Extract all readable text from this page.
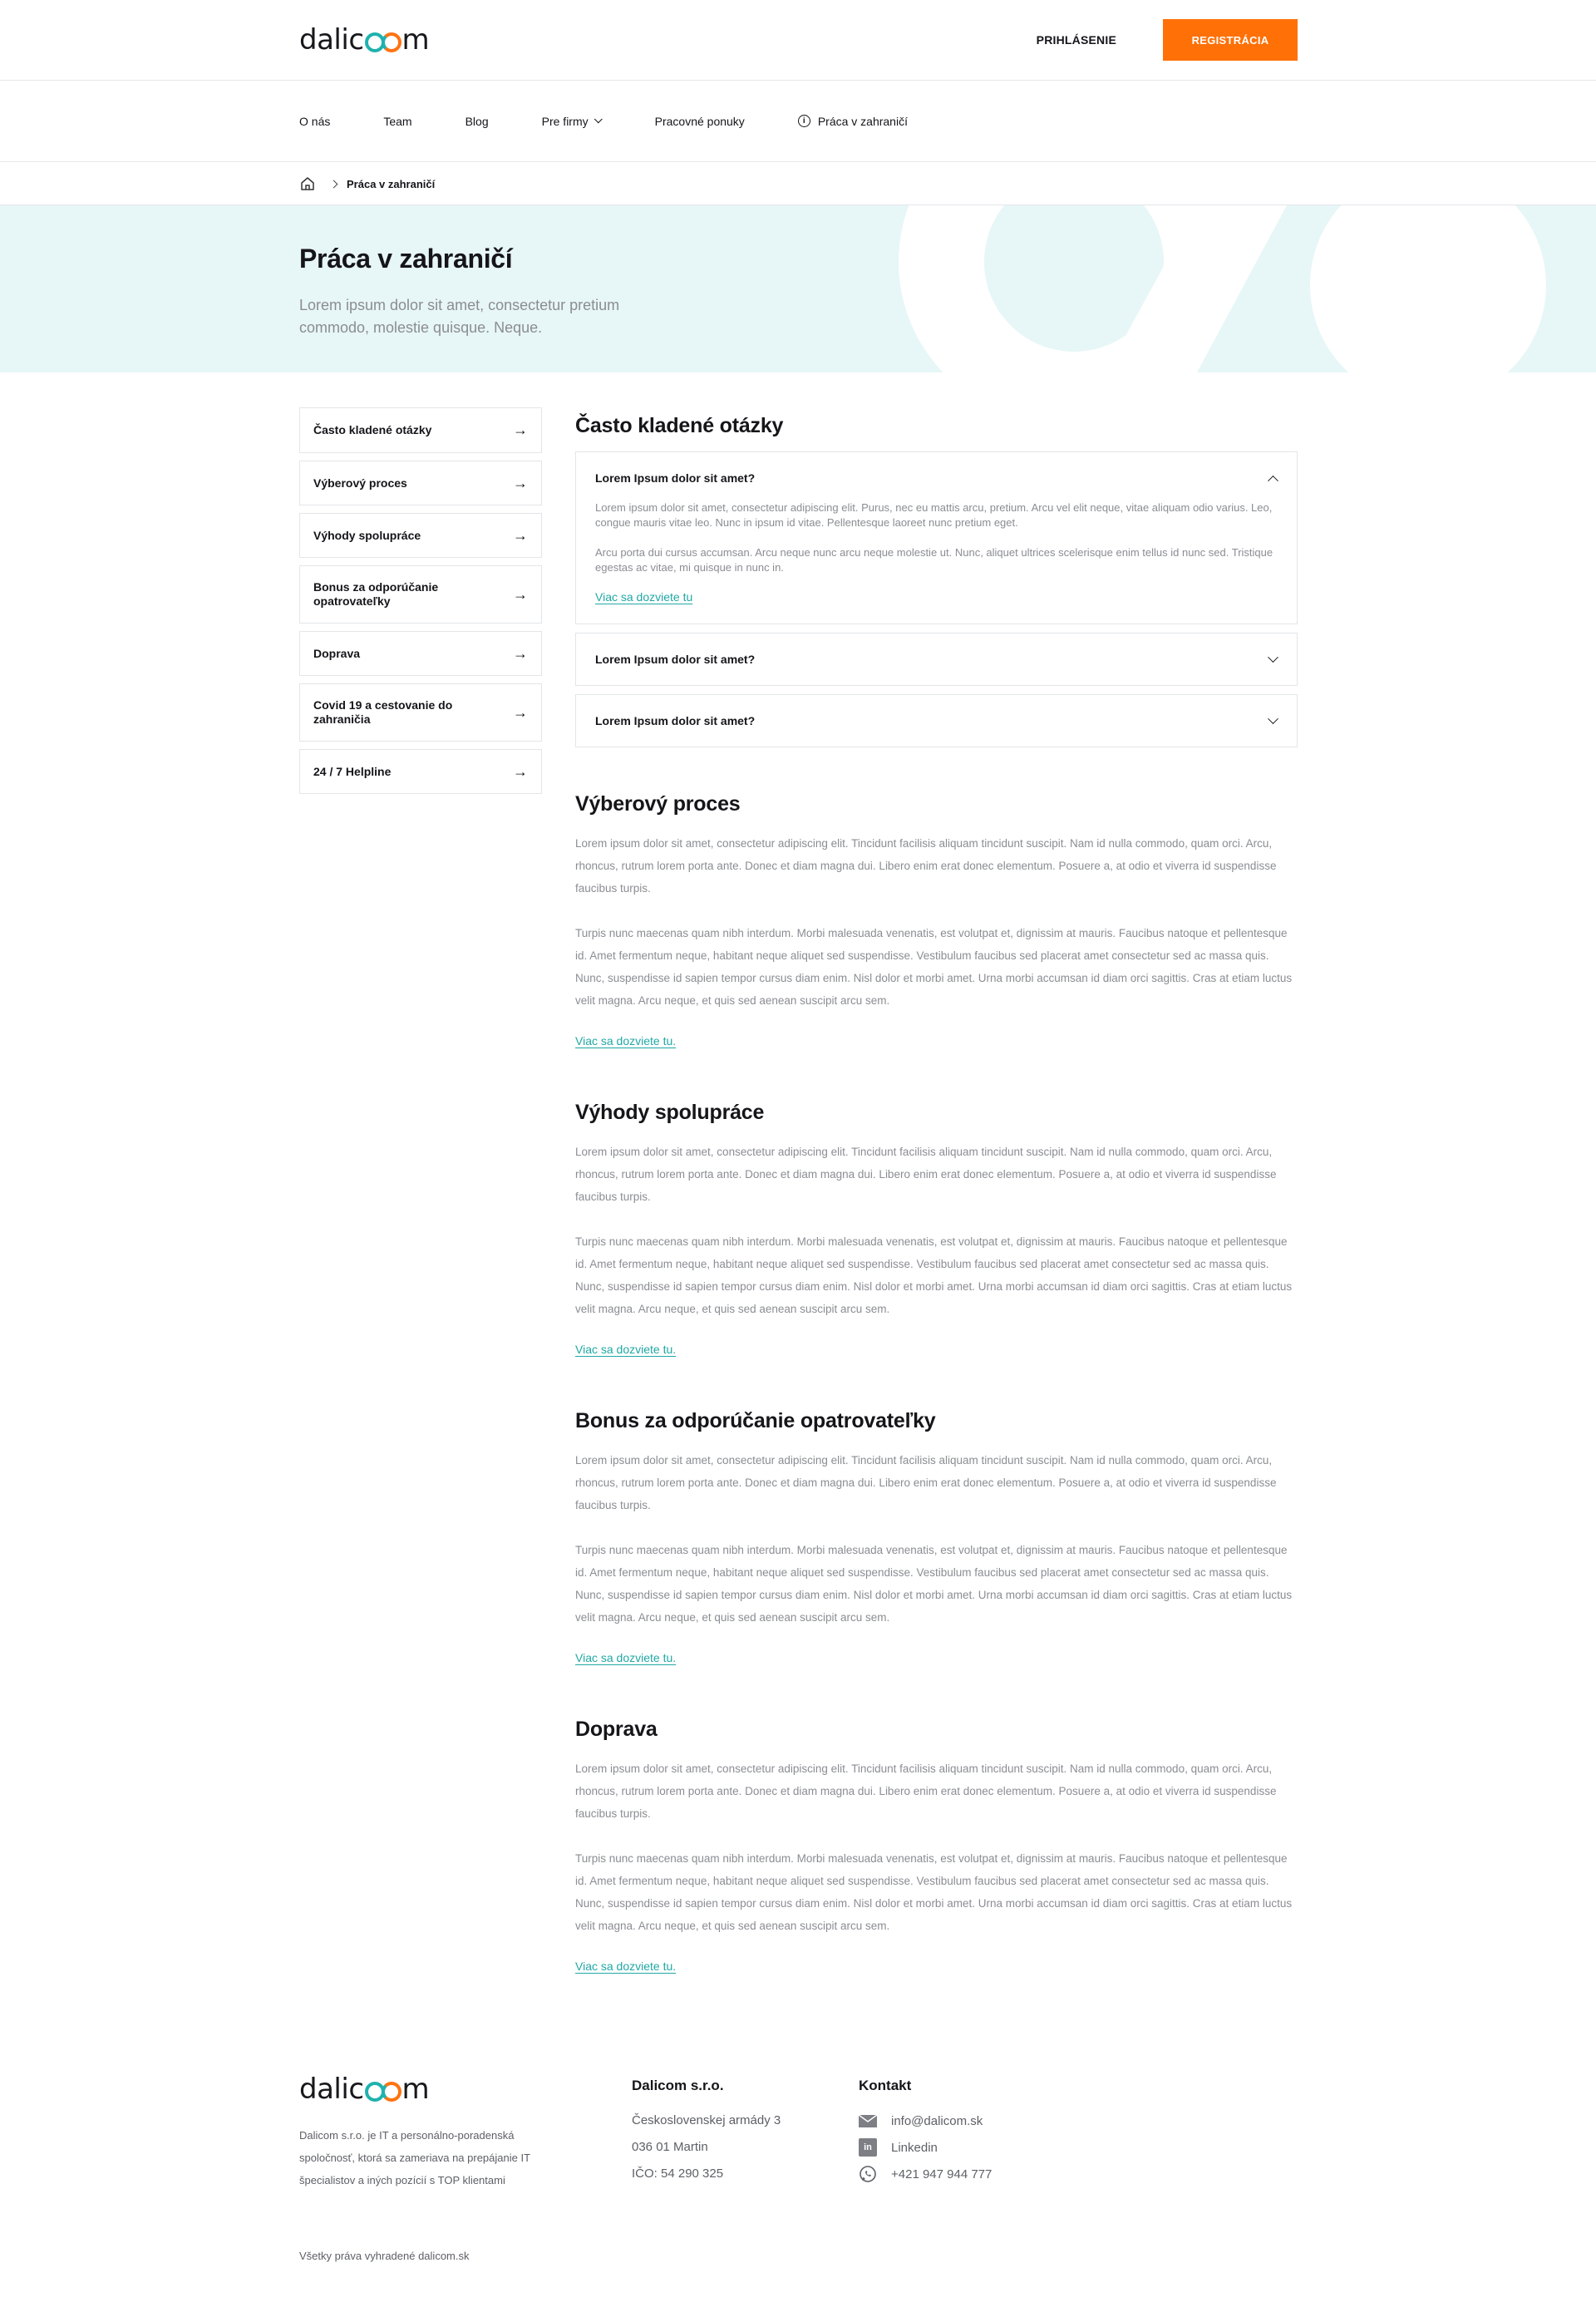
dal i c m	PRIHLÁSENIE	REGISTRÁCIA
O nás	Team	Blog	Pre firmy	Pracovné ponuky	i	Práca v zahraničí
Práca v zahraničí
Práca v zahraničí

Lorem ipsum dolor sit amet, consectetur pretium commodo, molestie quisque. Neque.

Často kladené otázky	→
Výberový proces	→
Výhody spolupráce	→
Bonus za odporúčanie opatrovateľky	→
Doprava	→
Covid 19 a cestovanie do zahraničia	→
24 / 7 Helpline	→
Často kladené otázky
Lorem Ipsum dolor sit amet?

Lorem ipsum dolor sit amet, consectetur adipiscing elit. Purus, nec eu mattis arcu, pretium. Arcu vel elit neque, vitae aliquam odio varius. Leo, congue mauris vitae leo. Nunc in ipsum id vitae. Pellentesque laoreet nunc pretium eget.

Arcu porta dui cursus accumsan. Arcu neque nunc arcu neque molestie ut. Nunc, aliquet ultrices scelerisque enim tellus id nunc sed. Tristique egestas ac vitae, mi quisque in nunc in.

Viac sa dozviete tu
Lorem Ipsum dolor sit amet?
Lorem Ipsum dolor sit amet?
Výberový proces

Lorem ipsum dolor sit amet, consectetur adipiscing elit. Tincidunt facilisis aliquam tincidunt suscipit. Nam id nulla commodo, quam orci. Arcu, rhoncus, rutrum lorem porta ante. Donec et diam magna dui. Libero enim erat donec elementum. Posuere a, at odio et viverra id suspendisse faucibus turpis.

Turpis nunc maecenas quam nibh interdum. Morbi malesuada venenatis, est volutpat et, dignissim at mauris. Faucibus natoque et pellentesque id. Amet fermentum neque, habitant neque aliquet sed suspendisse. Vestibulum faucibus sed placerat amet consectetur sed ac massa quis. Nunc, suspendisse id sapien tempor cursus diam enim. Nisl dolor et morbi amet. Urna morbi accumsan id diam orci sagittis. Cras at etiam luctus velit magna. Arcu neque, et quis sed aenean suscipit arcu sem.

Viac sa dozviete tu.
Výhody spolupráce

Lorem ipsum dolor sit amet, consectetur adipiscing elit. Tincidunt facilisis aliquam tincidunt suscipit. Nam id nulla commodo, quam orci. Arcu, rhoncus, rutrum lorem porta ante. Donec et diam magna dui. Libero enim erat donec elementum. Posuere a, at odio et viverra id suspendisse faucibus turpis.

Turpis nunc maecenas quam nibh interdum. Morbi malesuada venenatis, est volutpat et, dignissim at mauris. Faucibus natoque et pellentesque id. Amet fermentum neque, habitant neque aliquet sed suspendisse. Vestibulum faucibus sed placerat amet consectetur sed ac massa quis. Nunc, suspendisse id sapien tempor cursus diam enim. Nisl dolor et morbi amet. Urna morbi accumsan id diam orci sagittis. Cras at etiam luctus velit magna. Arcu neque, et quis sed aenean suscipit arcu sem.

Viac sa dozviete tu.
Bonus za odporúčanie opatrovateľky

Lorem ipsum dolor sit amet, consectetur adipiscing elit. Tincidunt facilisis aliquam tincidunt suscipit. Nam id nulla commodo, quam orci. Arcu, rhoncus, rutrum lorem porta ante. Donec et diam magna dui. Libero enim erat donec elementum. Posuere a, at odio et viverra id suspendisse faucibus turpis.

Turpis nunc maecenas quam nibh interdum. Morbi malesuada venenatis, est volutpat et, dignissim at mauris. Faucibus natoque et pellentesque id. Amet fermentum neque, habitant neque aliquet sed suspendisse. Vestibulum faucibus sed placerat amet consectetur sed ac massa quis. Nunc, suspendisse id sapien tempor cursus diam enim. Nisl dolor et morbi amet. Urna morbi accumsan id diam orci sagittis. Cras at etiam luctus velit magna. Arcu neque, et quis sed aenean suscipit arcu sem.

Viac sa dozviete tu.
Doprava

Lorem ipsum dolor sit amet, consectetur adipiscing elit. Tincidunt facilisis aliquam tincidunt suscipit. Nam id nulla commodo, quam orci. Arcu, rhoncus, rutrum lorem porta ante. Donec et diam magna dui. Libero enim erat donec elementum. Posuere a, at odio et viverra id suspendisse faucibus turpis.

Turpis nunc maecenas quam nibh interdum. Morbi malesuada venenatis, est volutpat et, dignissim at mauris. Faucibus natoque et pellentesque id. Amet fermentum neque, habitant neque aliquet sed suspendisse. Vestibulum faucibus sed placerat amet consectetur sed ac massa quis. Nunc, suspendisse id sapien tempor cursus diam enim. Nisl dolor et morbi amet. Urna morbi accumsan id diam orci sagittis. Cras at etiam luctus velit magna. Arcu neque, et quis sed aenean suscipit arcu sem.

Viac sa dozviete tu.
dal i c m

Dalicom s.r.o. je IT a personálno-poradenská spoločnosť, ktorá sa zameriava na prepájanie IT špecialistov a iných pozícií s TOP klientami

Dalicom s.r.o.
Československej armády 3
036 01 Martin
IČO: 54 290 325
Kontakt
info@dalicom.sk
in	Linkedin
+421 947 944 777
Všetky práva vyhradené dalicom.sk
